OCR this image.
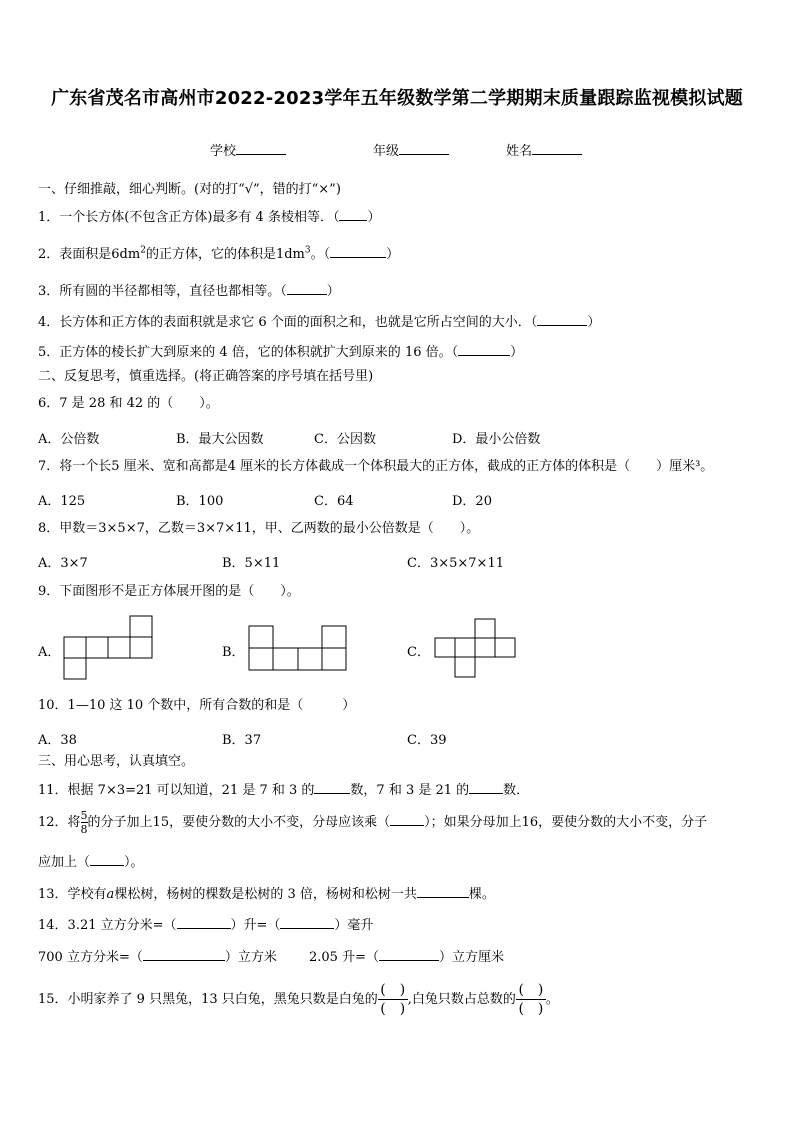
广东省茂名市高州市2022-2023学年五年级数学第二学期期末质量跟踪监视模拟试题
学校	年级	姓名
一、仔细推敲，细心判断。(对的打“√”，错的打“×”)
1．一个长方体(不包含正方体)最多有 4 条棱相等．（ ）
2．表面积是$6dm^2$的正方体，它的体积是$1dm^3$。（	）
3．所有圆的半径都相等，直径也都相等。（	）
4．长方体和正方体的表面积就是求它 6 个面的面积之和，也就是它所占空间的大小．（	）
5．正方体的棱长扩大到原来的 4 倍，它的体积就扩大到原来的 16 倍。（	）
二、反复思考，慎重选择。(将正确答案的序号填在括号里)
6．7 是 28 和 42 的（　　）。
A．公倍数	B．最大公因数	C．公因数	D．最小公倍数
7．将一个长5 厘米、宽和高都是4 厘米的长方体截成一个体积最大的正方体，截成的正方体的体积是（　　）厘米³。
A．125	B．100	C．64	D．20
8．甲数＝3×5×7，乙数＝3×7×11，甲、乙两数的最小公倍数是（　　）。
A．3×7	B．5×11	C．3×5×7×11
9．下面图形不是正方体展开图的是（　　）。
A．	B．	C．
10．1—10 这 10 个数中，所有合数的和是（　　　）
A．38	B．37	C．39
三、用心思考，认真填空。
11．根据 7×3=21 可以知道，21 是 7 和 3 的	数，7 和 3 是 21 的	数．
12．将 $\frac{5}{8}$ 的分子加上15，要使分数的大小不变，分母应该乘（	）；如果分母加上16，要使分数的大小不变，分子
应加上（	）。
13．学校有a棵松树，杨树的棵数是松树的 3 倍，杨树和松树一共	棵。
14．3.21 立方分米=（	）升=（	）毫升
700 立方分米=（	）立方米 2.05 升=（	）立方厘米
15．小明家养了 9 只黑兔，13 只白兔，黑兔只数是白兔的
(　)
(　)
,白兔只数占总数的
(　)
(　)
。
